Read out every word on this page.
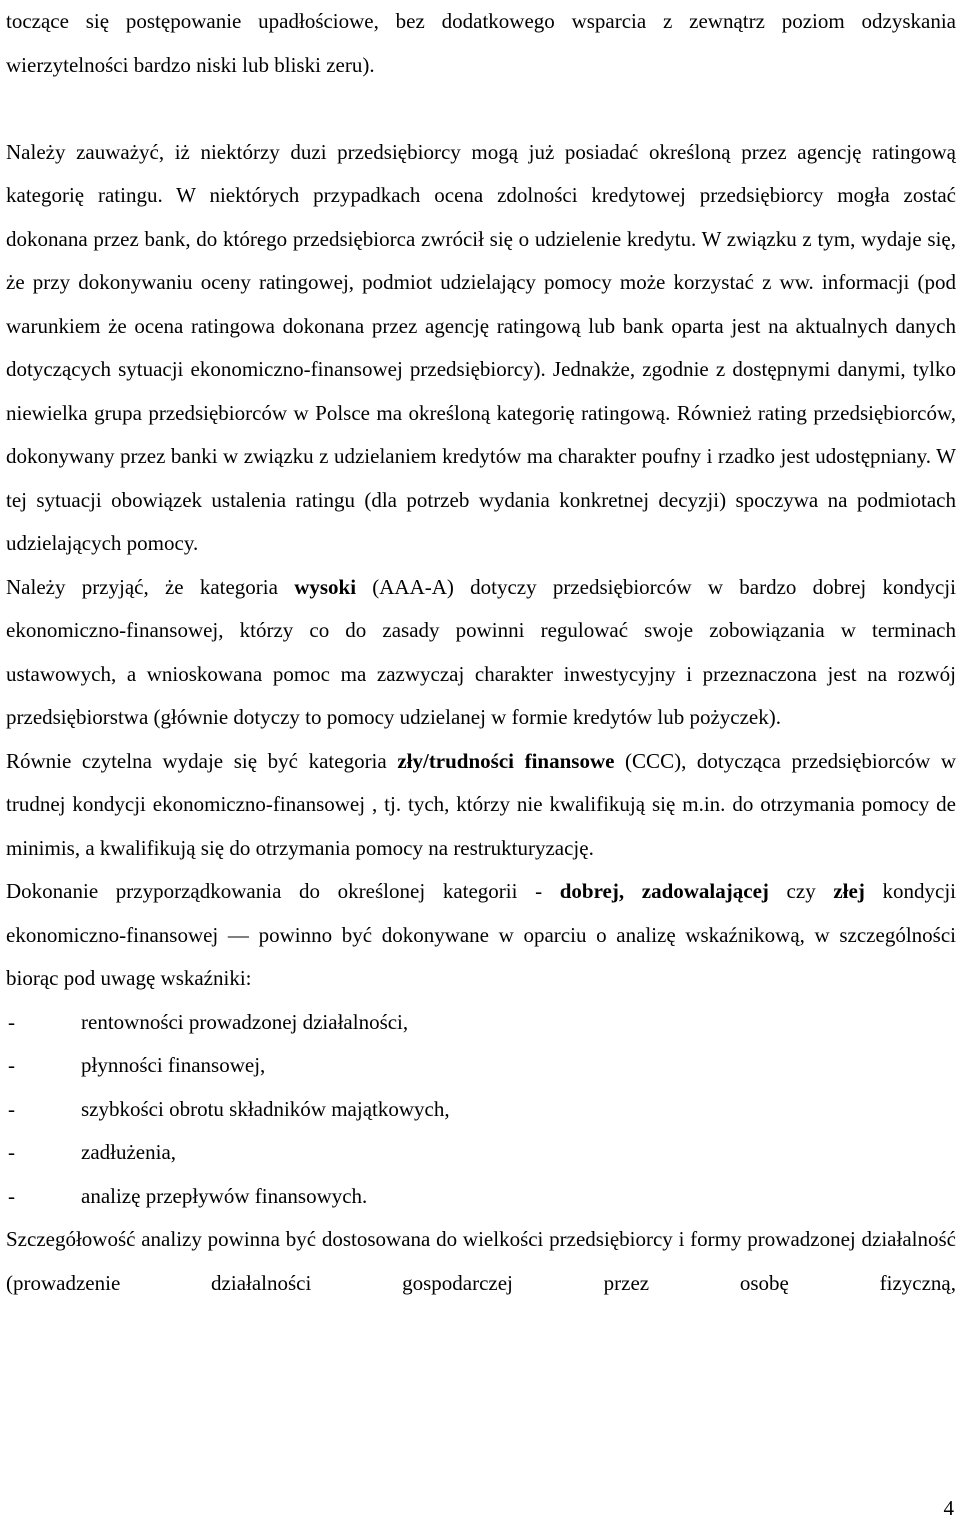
toczące się postępowanie upadłościowe, bez dodatkowego wsparcia z zewnątrz poziom odzyskania wierzytelności bardzo niski lub bliski zeru).

Należy zauważyć, iż niektórzy duzi przedsiębiorcy mogą już posiadać określoną przez agencję ratingową kategorię ratingu. W niektórych przypadkach ocena zdolności kredytowej przedsiębiorcy mogła zostać dokonana przez bank, do którego przedsiębiorca zwrócił się o udzielenie kredytu. W związku z tym, wydaje się, że przy dokonywaniu oceny ratingowej, podmiot udzielający pomocy może korzystać z ww. informacji (pod warunkiem że ocena ratingowa dokonana przez agencję ratingową lub bank oparta jest na aktualnych danych dotyczących sytuacji ekonomiczno-finansowej przedsiębiorcy). Jednakże, zgodnie z dostępnymi danymi, tylko niewielka grupa przedsiębiorców w Polsce ma określoną kategorię ratingową. Również rating przedsiębiorców, dokonywany przez banki w związku z udzielaniem kredytów ma charakter poufny i rzadko jest udostępniany. W tej sytuacji obowiązek ustalenia ratingu (dla potrzeb wydania konkretnej decyzji) spoczywa na podmiotach udzielających pomocy.

Należy przyjąć, że kategoria wysoki (AAA-A) dotyczy przedsiębiorców w bardzo dobrej kondycji ekonomiczno-finansowej, którzy co do zasady powinni regulować swoje zobowiązania w terminach ustawowych, a wnioskowana pomoc ma zazwyczaj charakter inwestycyjny i przeznaczona jest na rozwój przedsiębiorstwa (głównie dotyczy to pomocy udzielanej w formie kredytów lub pożyczek).

Równie czytelna wydaje się być kategoria zły/trudności finansowe (CCC), dotycząca przedsiębiorców w trudnej kondycji ekonomiczno-finansowej , tj. tych, którzy nie kwalifikują się m.in. do otrzymania pomocy de minimis, a kwalifikują się do otrzymania pomocy na restrukturyzację.

Dokonanie przyporządkowania do określonej kategorii - dobrej, zadowalającej czy złej kondycji ekonomiczno-finansowej — powinno być dokonywane w oparciu o analizę wskaźnikową, w szczególności biorąc pod uwagę wskaźniki:

-	rentowności prowadzonej działalności,
-	płynności finansowej,
-	szybkości obrotu składników majątkowych,
-	zadłużenia,
-	analizę przepływów finansowych.

Szczegółowość analizy powinna być dostosowana do wielkości przedsiębiorcy i formy prowadzonej działalność (prowadzenie działalności gospodarczej przez osobę fizyczną,

4
